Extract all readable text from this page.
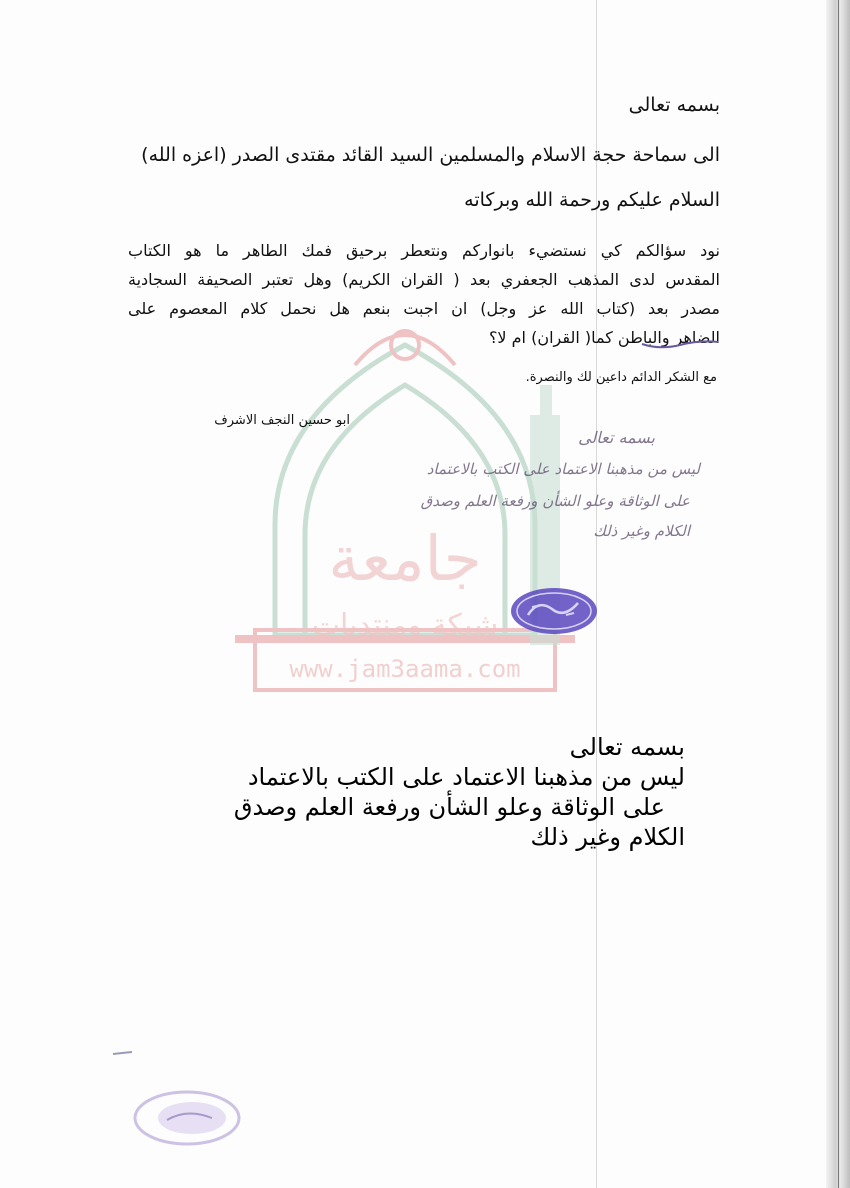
جامعة
شبكة ومنتديات
www.jam3aama.com
بسمه تعالى
الى سماحة حجة الاسلام والمسلمين السيد القائد مقتدى الصدر (اعزه الله)
السلام عليكم ورحمة الله وبركاته
نود سؤالكم كي نستضيء بانواركم ونتعطر برحيق فمك الطاهر ما هو الكتاب
المقدس لدى المذهب الجعفري بعد ( القران الكريم) وهل تعتبر الصحيفة السجادية
مصدر بعد (كتاب الله عز وجل) ان اجبت بنعم هل نحمل كلام المعصوم على
الضاهر والباطن كما( القران) ام لا؟
مع الشكر الدائم داعين لك والنصرة.
ابو حسين النجف الاشرف
بسمه تعالى
ليس من مذهبنا الاعتماد على الكتب بالاعتماد
على الوثاقة وعلو الشأن ورفعة العلم وصدق
الكلام وغير ذلك
بسمه تعالى
ليس من مذهبنا الاعتماد على الكتب بالاعتماد
على الوثاقة وعلو الشأن ورفعة العلم وصدق
الكلام وغير ذلك
